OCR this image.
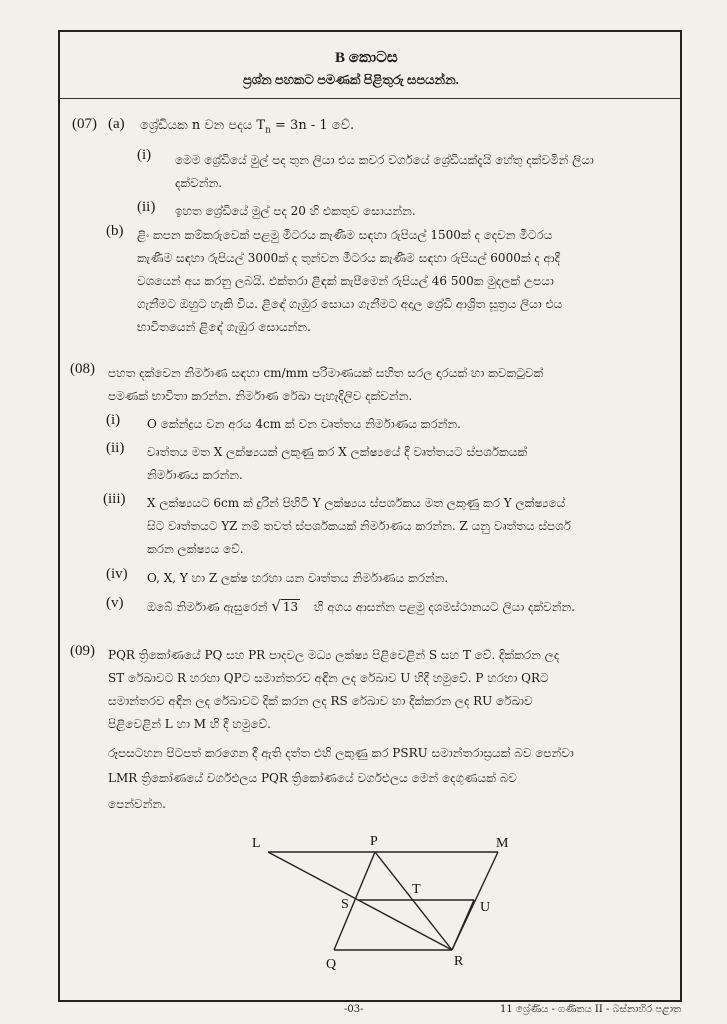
B කොටස
ප්‍රශ්න පහකට පමණක් පිළිතුරු සපයන්න.
(07) (a) ශ්‍රේඩියක n වන පදය $T_n = 3n - 1$ වේ.
(i) මෙම ශ්‍රේඩියේ මුල් පද තුන ලියා එය කවර වර්ගයේ ශ්‍රේඩියක්දැයි හේතු දක්වමින් ලියා
දක්වන්න.
(ii) ඉහත ශ්‍රේඩියේ මුල් පද 20 හි එකතුව සොයන්න.
(b) ළිං කපන කම්කරුවෙක් පළමු මීටරය කැණීම සඳහා රුපියල් 1500ක් ද දෙවන මීටරය
කැණීම සඳහා රුපියල් 3000ක් ද තුන්වන මීටරය කැණීම සඳහා රුපියල් 6000ක් ද ආදී
වශයෙන් අය කරනු ලබයි. එක්තරා ළිඳක් කැපීමෙන් රුපියල් 46 500ක මුදලක් උපයා
ගැනීමට ඔහුට හැකි විය. ළිඳේ ගැඹුර සොයා ගැනීමට අදාල ශ්‍රේඩි ආශ්‍රිත සූත්‍රය ලියා එය
භාවිතයෙන් ළිඳේ ගැඹුර සොයන්න.
(08) පහත දක්වෙන නිර්මාණ සඳහා cm/mm පරිමාණයක් සහිත සරල දාරයක් හා කවකටුවක්
පමණක් භාවිතා කරන්න. නිර්මාණ රේඛා පැහැදිලිව දක්වන්න.
(i) O කේන්ද්‍රය වන අරය 4cm ක් වන වෘත්තය නිර්මාණය කරන්න.
(ii) වෘත්තය මත X ලක්ෂ්‍යයක් ලකුණු කර X ලක්ෂ්‍යයේ දී වෘත්තයට ස්පර්ශකයක්
නිර්මාණය කරන්න.
(iii) X ලක්ෂ්‍යයට 6cm ක් දුරින් පිහිටි Y ලක්ෂ්‍යය ස්පර්ශකය මත ලකුණු කර Y ලක්ෂ්‍යයේ
සිට වෘත්තයට YZ නම් තවත් ස්පර්ශකයක් නිර්මාණය කරන්න. Z යනු වෘත්තය ස්පර්ශ
කරන ලක්ෂ්‍යය වේ.
(iv) O, X, Y හා Z ලක්ෂ හරහා යන වෘත්තය නිර්මාණය කරන්න.
(v) ඔබේ නිර්මාණ ඇසුරෙන් √ 13 හි අගය ආසන්න පළමු දශමස්ථානයට ලියා දක්වන්න.
(09) PQR ත්‍රිකෝණයේ PQ සහ PR පාදවල මධ්‍ය ලක්ෂ්‍ය පිළිවෙළින් S සහ T වේ. දික්කරන ලද
ST රේඛාවට R හරහා QPට සමාන්තරව අඳින ලද රේඛාව U හිදී හමුවේ. P හරහා QRට
සමාන්තරව අඳින ලද රේඛාවට දික් කරන ලද RS රේඛාව හා දික්කරන ලද RU රේඛාව
පිළිවෙළින් L හා M හි දී හමුවේ.
රූපසටහන පිටපත් කරගෙන දී ඇති දත්ත එහි ලකුණු කර PSRU සමාන්තරාස්‍රයක් බව පෙන්වා
LMR ත්‍රිකෝණයේ වර්ගඵලය PQR ත්‍රිකෝණයේ වර්ගඵලය මෙන් දෙගුණයක් බව
පෙන්වන්න.
L	P	M
T
S	U
Q	R
-03-	11 ශ්‍රේණිය - ගණිතය II - බස්නාහිර පළාත
